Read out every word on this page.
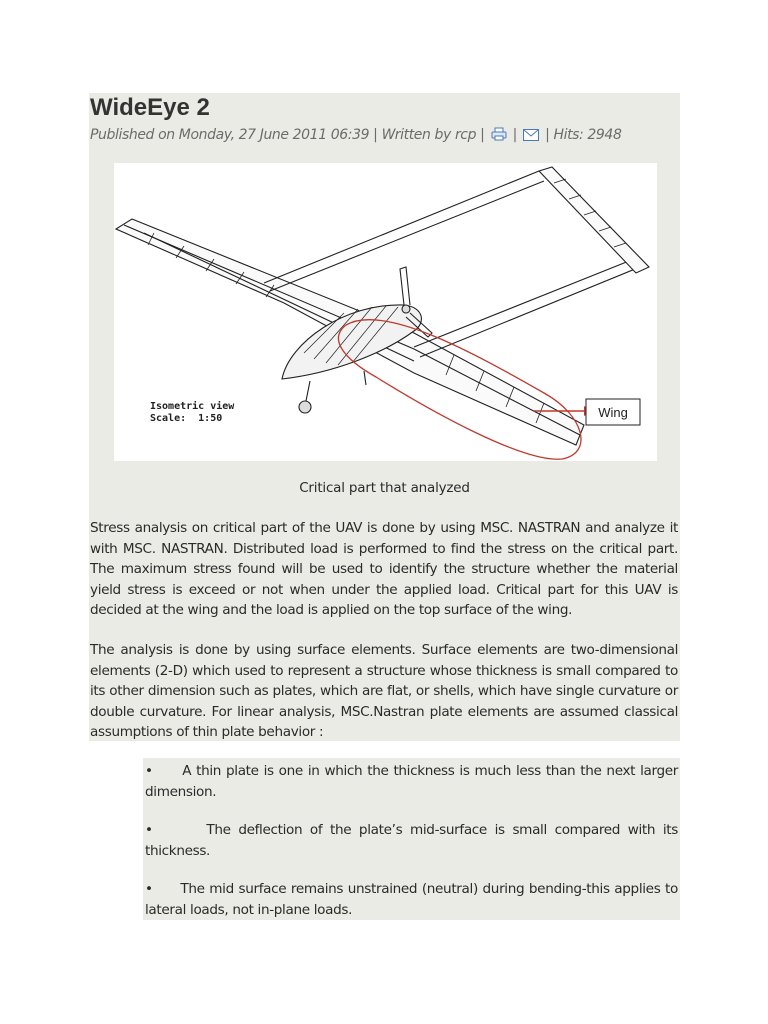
WideEye 2
Published on Monday, 27 June 2011 06:39 | Written by rcp | | | Hits: 2948
Wing
Isometric view
Scale:  1:50
Critical part that analyzed

Stress analysis on critical part of the UAV is done by using MSC. NASTRAN and analyze it with MSC. NASTRAN. Distributed load is performed to find the stress on the critical part. The maximum stress found will be used to identify the structure whether the material yield stress is exceed or not when under the applied load. Critical part for this UAV is decided at the wing and the load is applied on the top surface of the wing.

The analysis is done by using surface elements. Surface elements are two-dimensional elements (2-D) which used to represent a structure whose thickness is small compared to its other dimension such as plates, which are flat, or shells, which have single curvature or double curvature. For linear analysis, MSC.Nastran plate elements are assumed classical assumptions of thin plate behavior :

• A thin plate is one in which the thickness is much less than the next larger dimension.

•	The deflection of the plate’s mid-surface is small compared with its thickness.

• The mid surface remains unstrained (neutral) during bending-this applies to lateral loads, not in-plane loads.
